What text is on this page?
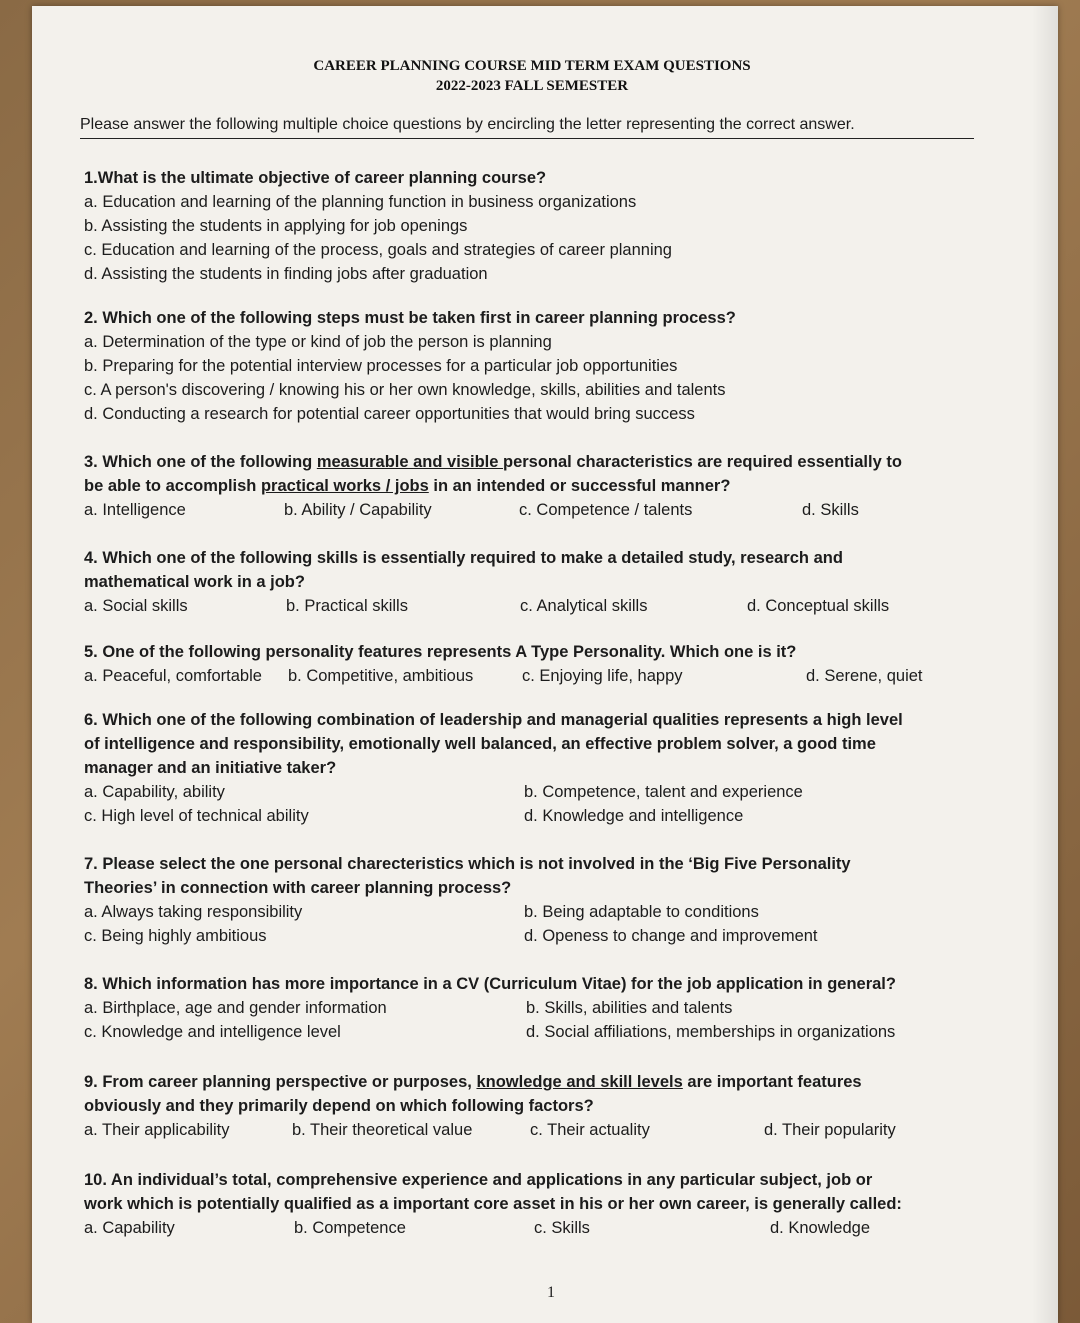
CAREER PLANNING COURSE MID TERM EXAM QUESTIONS
2022-2023 FALL SEMESTER
Please answer the following multiple choice questions by encircling the letter representing the correct answer.
1.What is the ultimate objective of career planning course?
a. Education and learning of the planning function in business organizations
b. Assisting the students in applying for job openings
c. Education and learning of the process, goals and strategies of career planning
d. Assisting the students in finding jobs after graduation
2. Which one of the following steps must be taken first in career planning process?
a. Determination of the type or kind of job the person is planning
b. Preparing for the potential interview processes for a particular job opportunities
c. A person's discovering / knowing his or her own knowledge, skills, abilities and talents
d. Conducting a research for potential career opportunities that would bring success
3. Which one of the following measurable and visible personal characteristics are required essentially to
be able to accomplish practical works / jobs in an intended or successful manner?
a. Intelligence	b. Ability / Capability	c. Competence / talents	d. Skills
4. Which one of the following skills is essentially required to make a detailed study, research and
mathematical work in a job?
a. Social skills	b. Practical skills	c. Analytical skills	d. Conceptual skills
5. One of the following personality features represents A Type Personality. Which one is it?
a. Peaceful, comfortable b. Competitive, ambitious	c. Enjoying life, happy	d. Serene, quiet
6. Which one of the following combination of leadership and managerial qualities represents a high level
of intelligence and responsibility, emotionally well balanced, an effective problem solver, a good time
manager and an initiative taker?
a. Capability, ability	b. Competence, talent and experience
c. High level of technical ability	d. Knowledge and intelligence
7. Please select the one personal charecteristics which is not involved in the ‘Big Five Personality
Theories’ in connection with career planning process?
a. Always taking responsibility	b. Being adaptable to conditions
c. Being highly ambitious	d. Openess to change and improvement
8. Which information has more importance in a CV (Curriculum Vitae) for the job application in general?
a. Birthplace, age and gender information	b. Skills, abilities and talents
c. Knowledge and intelligence level	d. Social affiliations, memberships in organizations
9. From career planning perspective or purposes, knowledge and skill levels are important features
obviously and they primarily depend on which following factors?
a. Their applicability	b. Their theoretical value	c. Their actuality	d. Their popularity
10. An individual’s total, comprehensive experience and applications in any particular subject, job or
work which is potentially qualified as a important core asset in his or her own career, is generally called:
a. Capability	b. Competence	c. Skills	d. Knowledge
1
